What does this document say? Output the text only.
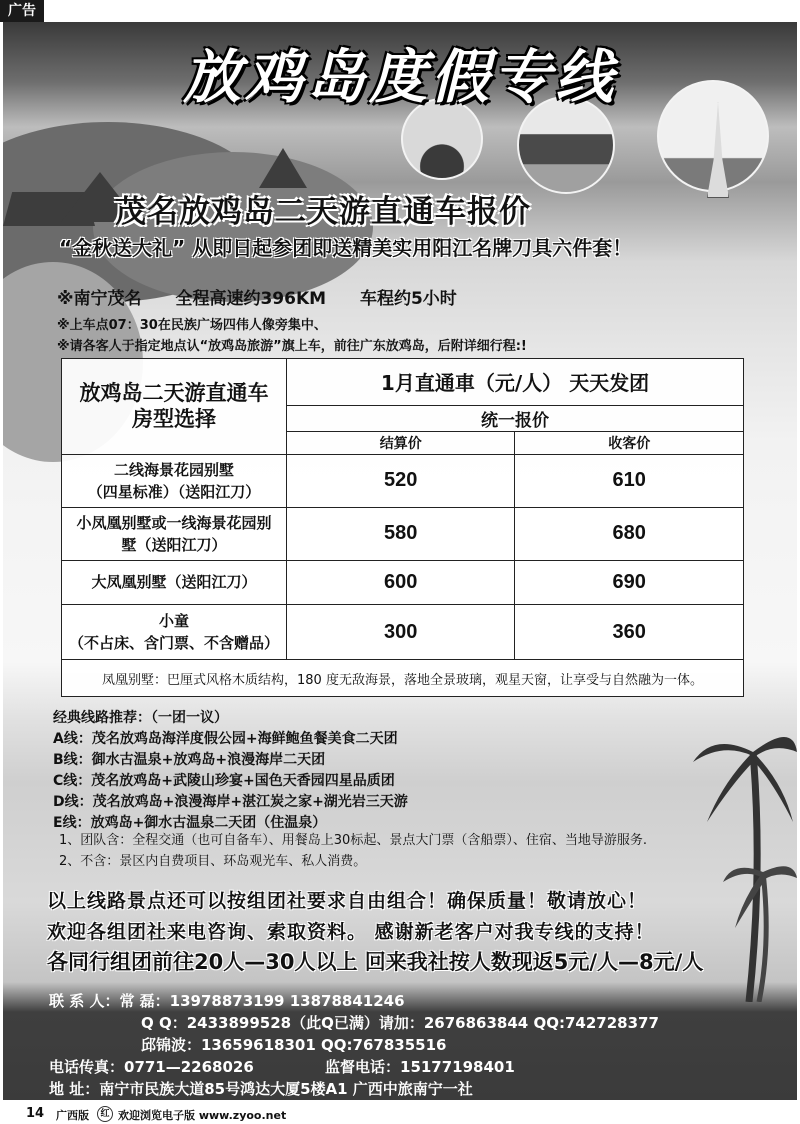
广告
放鸡岛度假专线
茂名放鸡岛二天游直通车报价
“金秋送大礼” 从即日起参团即送精美实用阳江名牌刀具六件套！
※南宁茂名 全程高速约396KM 车程约5小时
※上车点07：30在民族广场四伟人像旁集中、
※请各客人于指定地点认“放鸡岛旅游”旗上车，前往广东放鸡岛，后附详细行程:!
放鸡岛二天游直通车
房型选择	1月直通車（元/人） 天天发团	
	统一报价	
	结算价	收客价

二线海景花园别墅
（四星标准）（送阳江刀）	520	610

小凤凰别墅或一线海景花园别
墅（送阳江刀）	580	680

大凤凰别墅（送阳江刀）	600	690

小童
（不占床、含门票、不含赠品）	300	360
凤凰别墅：巴厘式风格木质结构，180 度无敌海景，落地全景玻璃，观星天窗，让享受与自然融为一体。		
经典线路推荐：（一团一议）
A线：茂名放鸡岛海洋度假公园+海鲜鲍鱼餐美食二天团
B线：御水古温泉+放鸡岛+浪漫海岸二天团
C线：茂名放鸡岛+武陵山珍宴+国色天香园四星品质团
D线：茂名放鸡岛+浪漫海岸+湛江炭之家+湖光岩三天游
E线：放鸡岛+御水古温泉二天团（住温泉）
1、团队含：全程交通（也可自备车）、用餐岛上30标起、景点大门票（含船票）、住宿、当地导游服务.
2、不含：景区内自费项目、环岛观光车、私人消费。
以上线路景点还可以按组团社要求自由组合！确保质量！敬请放心！
欢迎各组团社来电咨询、索取资料。 感谢新老客户对我专线的支持！
各同行组团前往20人—30人以上 回来我社按人数现返5元/人—8元/人
联 系 人：常 磊：13978873199 13878841246
Q Q：2433899528（此Q已满）请加：2676863844 QQ:742728377
邱锦波：13659618301 QQ:767835516
电话传真：0771—2268026	监督电话：15177198401
地 址：南宁市民族大道85号鸿达大厦5楼A1 广西中旅南宁一社
14 广西版	红 欢迎浏览电子版 www.zyoo.net
